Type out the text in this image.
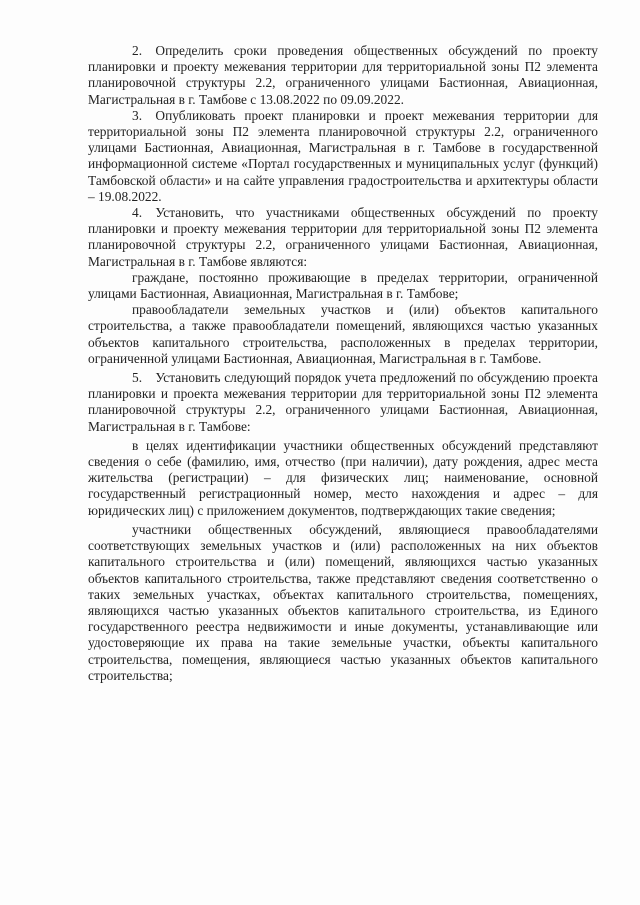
2. Определить сроки проведения общественных обсуждений по проекту планировки и проекту межевания территории для территориальной зоны П2 элемента планировочной структуры 2.2, ограниченного улицами Бастионная, Авиационная, Магистральная в г. Тамбове с 13.08.2022 по 09.09.2022.

3. Опубликовать проект планировки и проект межевания территории для территориальной зоны П2 элемента планировочной структуры 2.2, ограниченного улицами Бастионная, Авиационная, Магистральная в г. Тамбове в государственной информационной системе «Портал государственных и муниципальных услуг (функций) Тамбовской области» и на сайте управления градостроительства и архитектуры области – 19.08.2022.

4. Установить, что участниками общественных обсуждений по проекту планировки и проекту межевания территории для территориальной зоны П2 элемента планировочной структуры 2.2, ограниченного улицами Бастионная, Авиационная, Магистральная в г. Тамбове являются:

граждане, постоянно проживающие в пределах территории, ограниченной улицами Бастионная, Авиационная, Магистральная в г. Тамбове;

правообладатели земельных участков и (или) объектов капитального строительства, а также правообладатели помещений, являющихся частью указанных объектов капитального строительства, расположенных в пределах территории, ограниченной улицами Бастионная, Авиационная, Магистральная в г. Тамбове.

5. Установить следующий порядок учета предложений по обсуждению проекта планировки и проекта межевания территории для территориальной зоны П2 элемента планировочной структуры 2.2, ограниченного улицами Бастионная, Авиационная, Магистральная в г. Тамбове:

в целях идентификации участники общественных обсуждений представляют сведения о себе (фамилию, имя, отчество (при наличии), дату рождения, адрес места жительства (регистрации) – для физических лиц; наименование, основной государственный регистрационный номер, место нахождения и адрес – для юридических лиц) с приложением документов, подтверждающих такие сведения;

участники общественных обсуждений, являющиеся правообладателями соответствующих земельных участков и (или) расположенных на них объектов капитального строительства и (или) помещений, являющихся частью указанных объектов капитального строительства, также представляют сведения соответственно о таких земельных участках, объектах капитального строительства, помещениях, являющихся частью указанных объектов капитального строительства, из Единого государственного реестра недвижимости и иные документы, устанавливающие или удостоверяющие их права на такие земельные участки, объекты капитального строительства, помещения, являющиеся частью указанных объектов капитального строительства;
